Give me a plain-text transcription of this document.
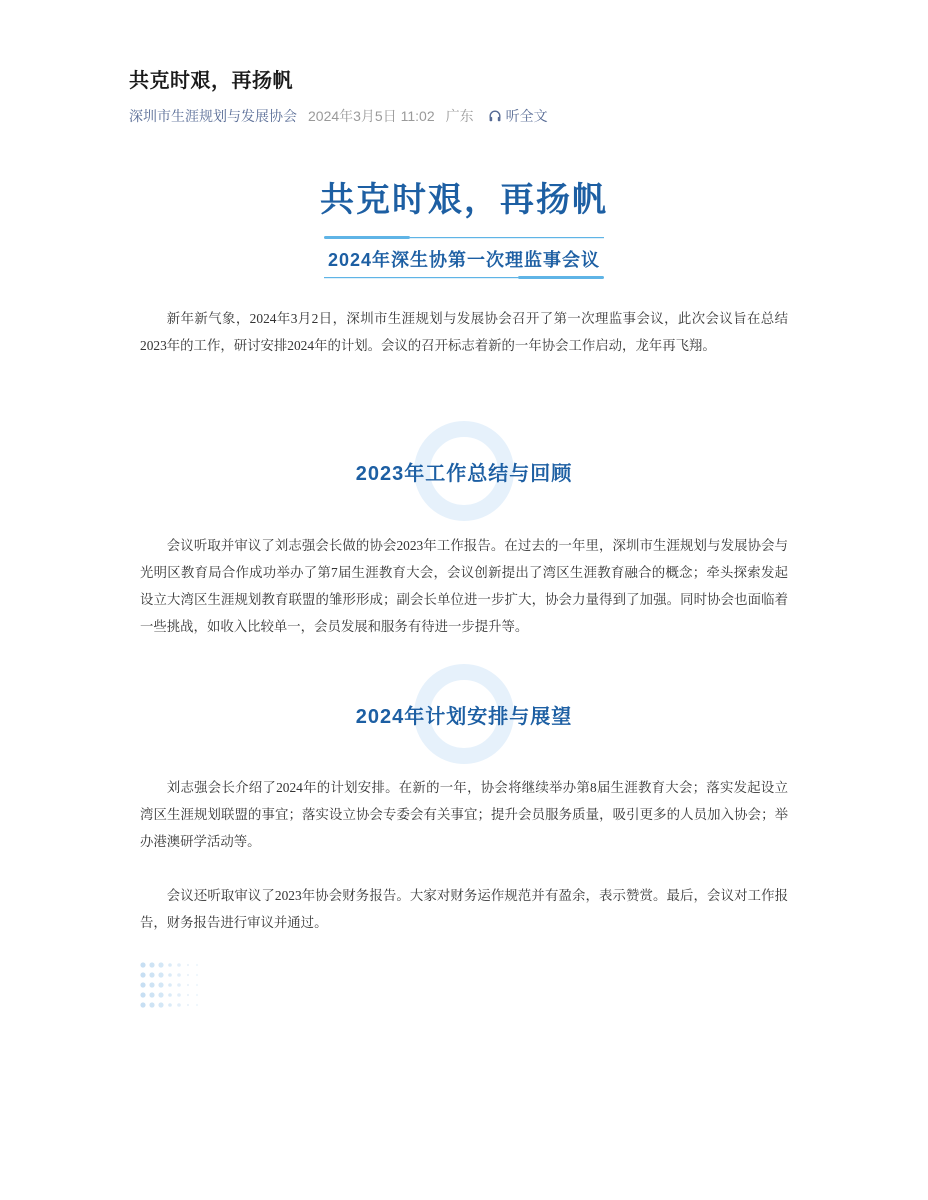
共克时艰，再扬帆
深圳市生涯规划与发展协会 2024年3月5日 11:02 广东 听全文
共克时艰，再扬帆
2024年深生协第一次理监事会议

新年新气象，2024年3月2日，深圳市生涯规划与发展协会召开了第一次理监事会议，此次会议旨在总结2023年的工作，研讨安排2024年的计划。会议的召开标志着新的一年协会工作启动，龙年再飞翔。

2023年工作总结与回顾

会议听取并审议了刘志强会长做的协会2023年工作报告。在过去的一年里，深圳市生涯规划与发展协会与光明区教育局合作成功举办了第7届生涯教育大会，会议创新提出了湾区生涯教育融合的概念；牵头探索发起设立大湾区生涯规划教育联盟的雏形形成；副会长单位进一步扩大，协会力量得到了加强。同时协会也面临着一些挑战，如收入比较单一，会员发展和服务有待进一步提升等。

2024年计划安排与展望

刘志强会长介绍了2024年的计划安排。在新的一年，协会将继续举办第8届生涯教育大会；落实发起设立湾区生涯规划联盟的事宜；落实设立协会专委会有关事宜；提升会员服务质量，吸引更多的人员加入协会；举办港澳研学活动等。

会议还听取审议了2023年协会财务报告。大家对财务运作规范并有盈余，表示赞赏。最后，会议对工作报告，财务报告进行审议并通过。
